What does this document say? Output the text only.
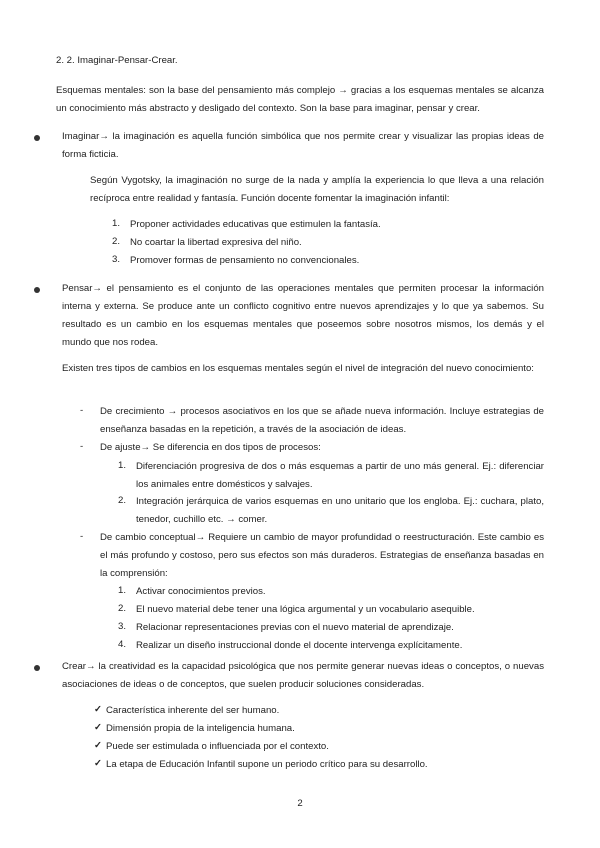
2. 2. Imaginar-Pensar-Crear.
Esquemas mentales: son la base del pensamiento más complejo → gracias a los esquemas mentales se alcanza un conocimiento más abstracto y desligado del contexto. Son la base para imaginar, pensar y crear.
Imaginar→ la imaginación es aquella función simbólica que nos permite crear y visualizar las propias ideas de forma ficticia.
Según Vygotsky, la imaginación no surge de la nada y amplía la experiencia lo que lleva a una relación recíproca entre realidad y fantasía. Función docente fomentar la imaginación infantil:
1. Proponer actividades educativas que estimulen la fantasía.
2. No coartar la libertad expresiva del niño.
3. Promover formas de pensamiento no convencionales.
Pensar→ el pensamiento es el conjunto de las operaciones mentales que permiten procesar la información interna y externa. Se produce ante un conflicto cognitivo entre nuevos aprendizajes y lo que ya sabemos. Su resultado es un cambio en los esquemas mentales que poseemos sobre nosotros mismos, los demás y el mundo que nos rodea.
Existen tres tipos de cambios en los esquemas mentales según el nivel de integración del nuevo conocimiento:
- De crecimiento → procesos asociativos en los que se añade nueva información. Incluye estrategias de enseñanza basadas en la repetición, a través de la asociación de ideas.
- De ajuste→ Se diferencia en dos tipos de procesos:
1. Diferenciación progresiva de dos o más esquemas a partir de uno más general. Ej.: diferenciar los animales entre domésticos y salvajes.
2. Integración jerárquica de varios esquemas en uno unitario que los engloba. Ej.: cuchara, plato, tenedor, cuchillo etc. → comer.
- De cambio conceptual→ Requiere un cambio de mayor profundidad o reestructuración. Este cambio es el más profundo y costoso, pero sus efectos son más duraderos. Estrategias de enseñanza basadas en la comprensión:
1. Activar conocimientos previos.
2. El nuevo material debe tener una lógica argumental y un vocabulario asequible.
3. Relacionar representaciones previas con el nuevo material de aprendizaje.
4. Realizar un diseño instruccional donde el docente intervenga explícitamente.
Crear→ la creatividad es la capacidad psicológica que nos permite generar nuevas ideas o conceptos, o nuevas asociaciones de ideas o de conceptos, que suelen producir soluciones consideradas.
✓ Característica inherente del ser humano.
✓ Dimensión propia de la inteligencia humana.
✓ Puede ser estimulada o influenciada por el contexto.
✓ La etapa de Educación Infantil supone un periodo crítico para su desarrollo.
2
